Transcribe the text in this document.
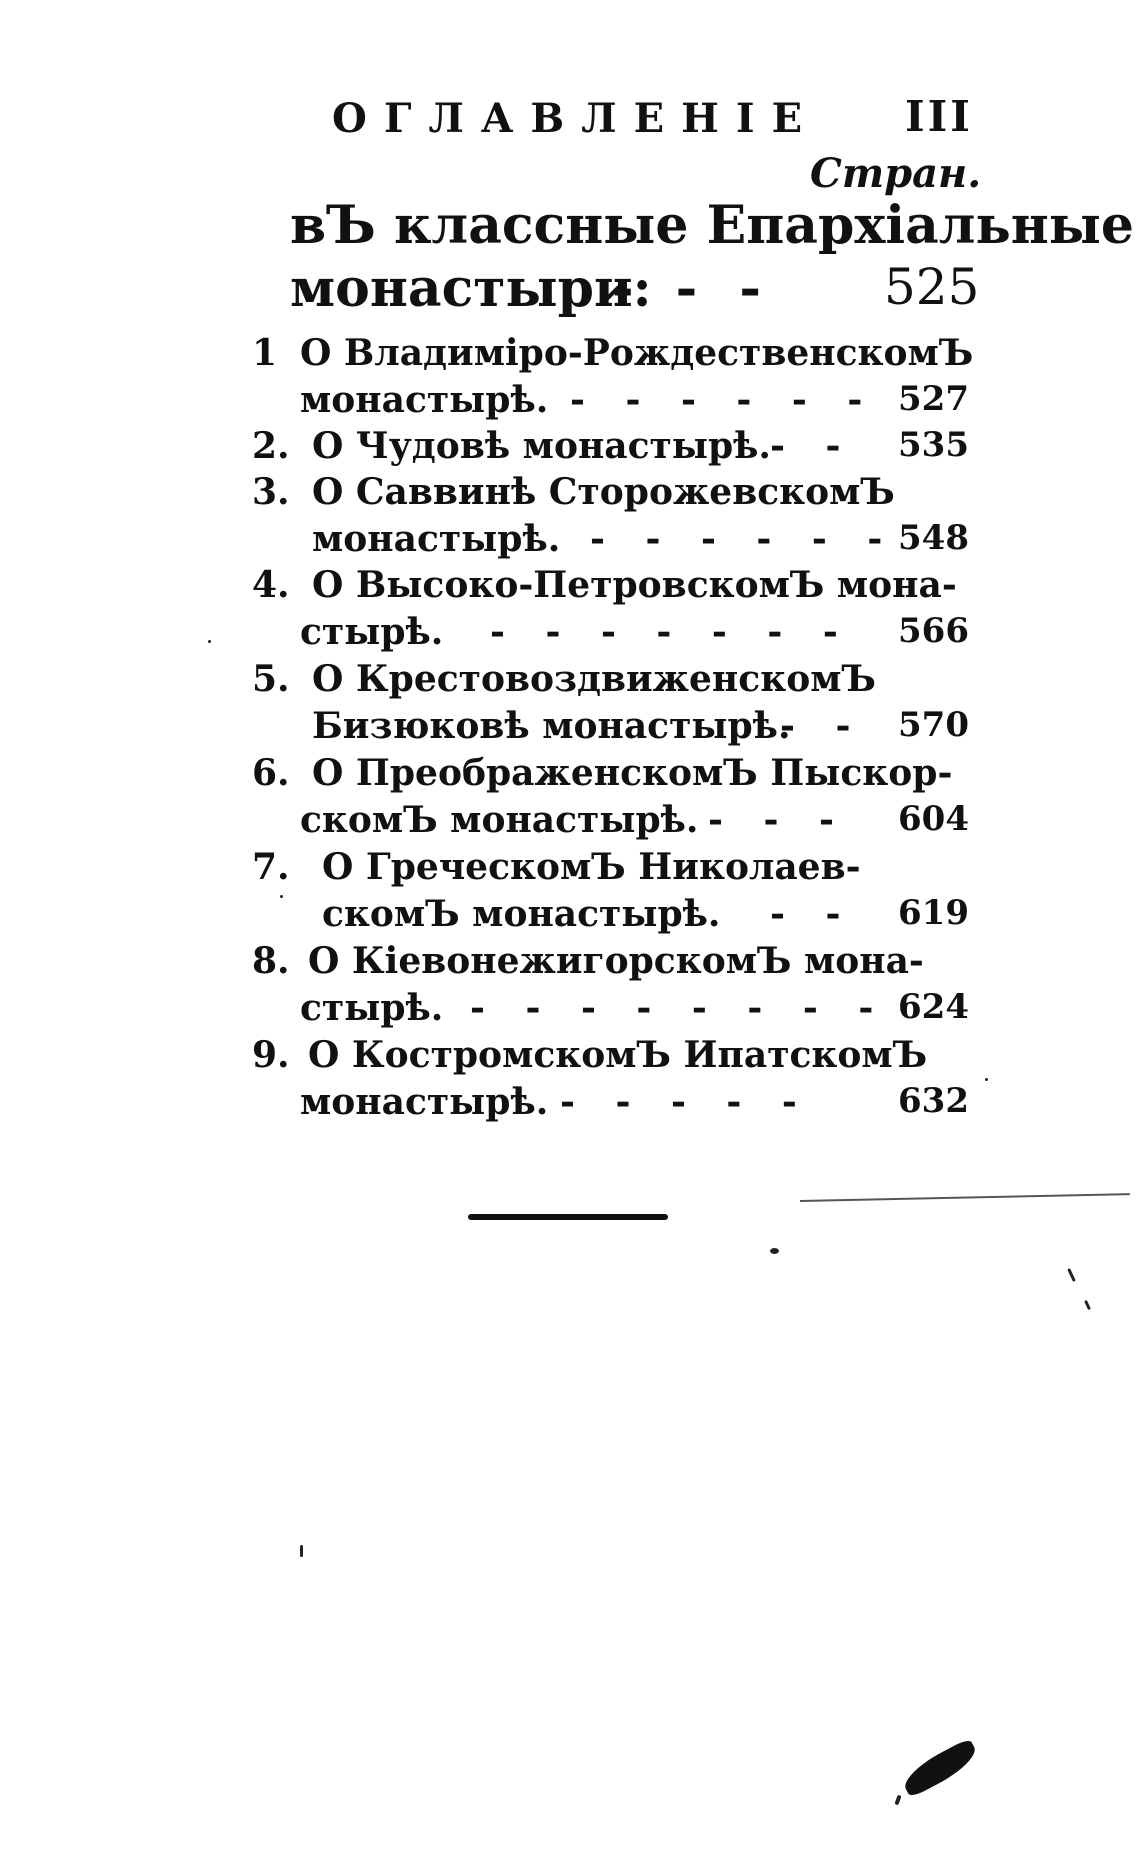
ОГЛАВЛЕНІЕ III
Стран.
вЪ классные Епархіальные
монастыри:
- - - 525
1 О Владиміро-РождественскомЪ
монастырѣ. - - - - - - 527
2. О Чудовѣ монастырѣ. - - 535
3. О Саввинѣ СторожевскомЪ
монастырѣ. - - - - - - 548
4. О Высоко-ПетровскомЪ мона-
стырѣ. - - - - - - - 566
5. О КрестовоздвиженскомЪ
Бизюковѣ монастырѣ.
- - 570
6. О ПреображенскомЪ Пыскор-
скомЪ монастырѣ. - - - 604
7. О ГреческомЪ Николаев-
скомЪ монастырѣ. - - 619
8. О КіевонежигорскомЪ мона-
стырѣ. - - - - - - - - 624
9. О КостромскомЪ ИпатскомЪ
монастырѣ. - - - - -	632
